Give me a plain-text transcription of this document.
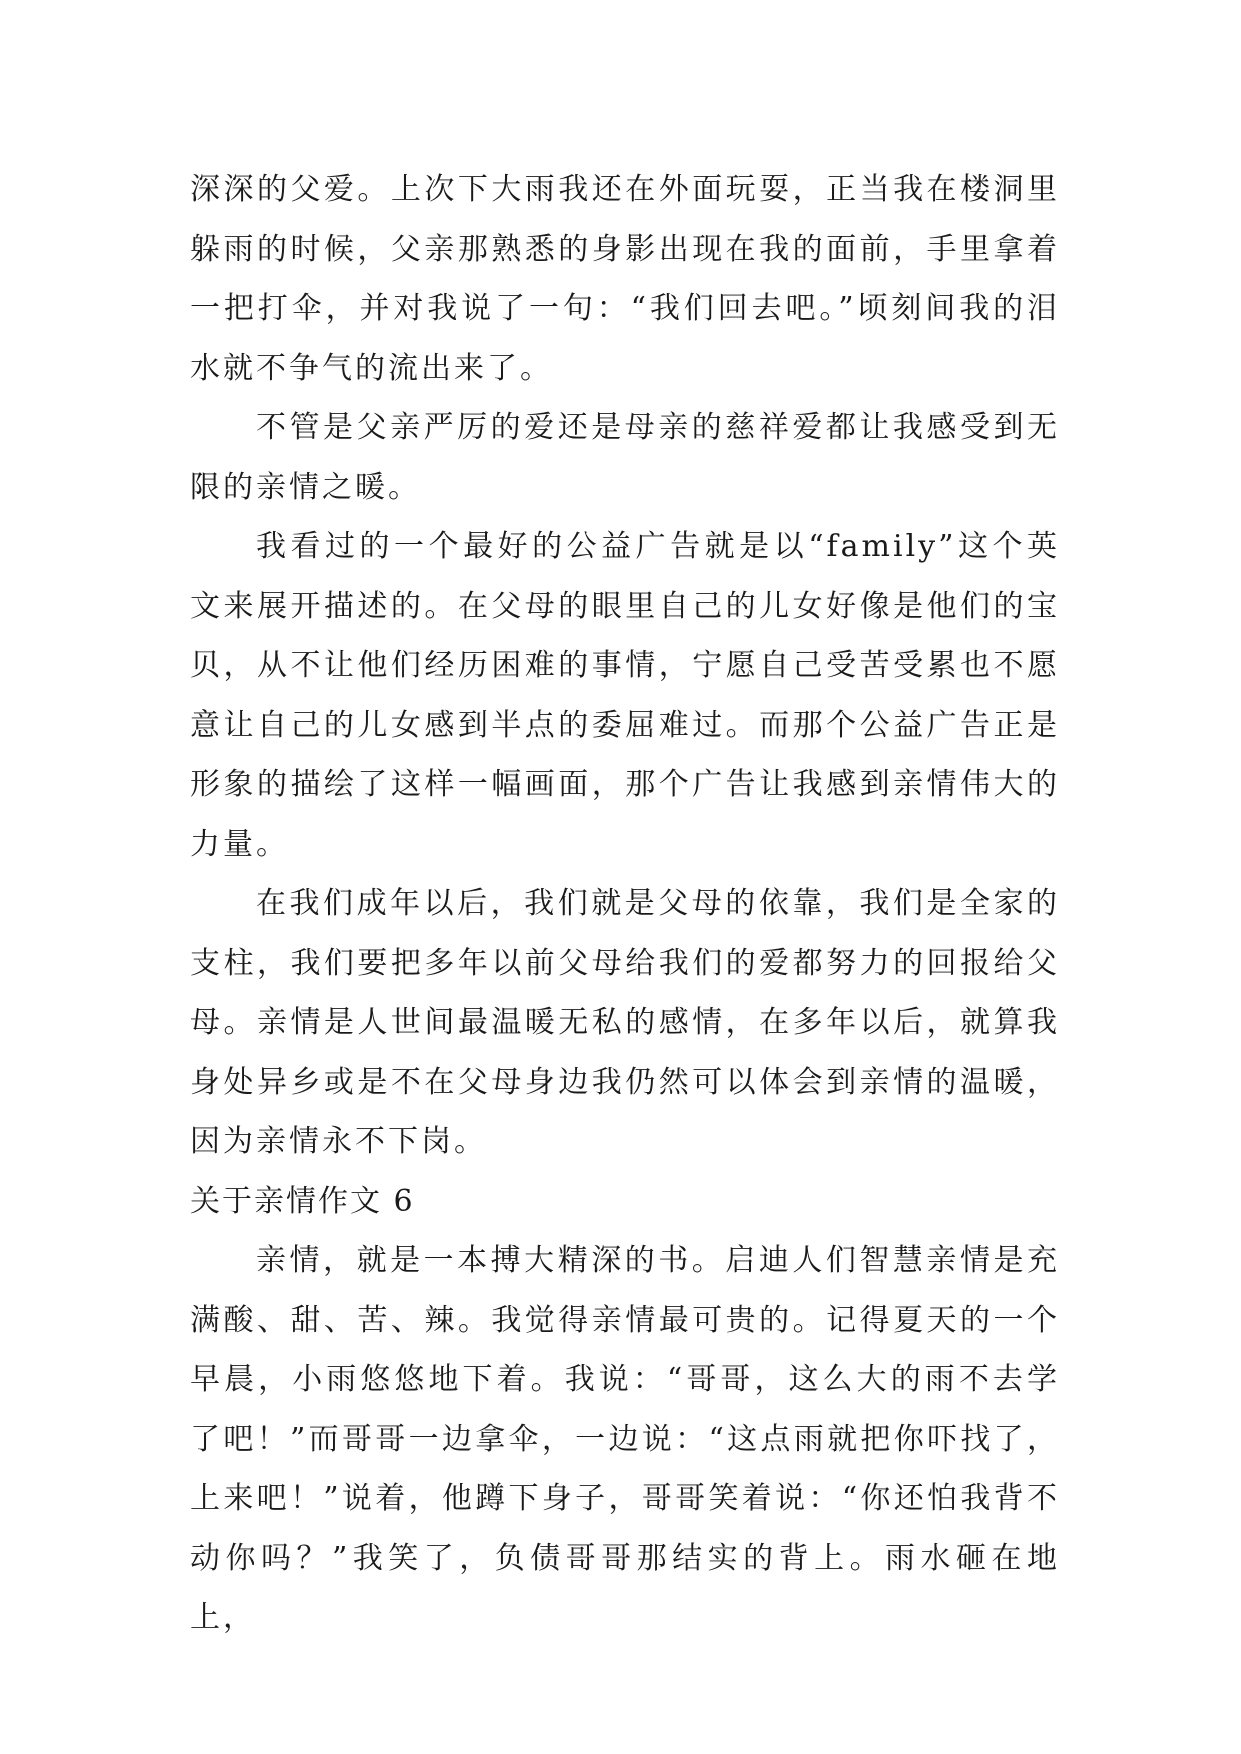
深深的父爱。上次下大雨我还在外面玩耍，正当我在楼洞里躲雨的时候，父亲那熟悉的身影出现在我的面前，手里拿着一把打伞，并对我说了一句：“我们回去吧。”顷刻间我的泪水就不争气的流出来了。

不管是父亲严厉的爱还是母亲的慈祥爱都让我感受到无限的亲情之暖。

我看过的一个最好的公益广告就是以“family”这个英文来展开描述的。在父母的眼里自己的儿女好像是他们的宝贝，从不让他们经历困难的事情，宁愿自己受苦受累也不愿意让自己的儿女感到半点的委屈难过。而那个公益广告正是形象的描绘了这样一幅画面，那个广告让我感到亲情伟大的力量。

在我们成年以后，我们就是父母的依靠，我们是全家的支柱，我们要把多年以前父母给我们的爱都努力的回报给父母。亲情是人世间最温暖无私的感情，在多年以后，就算我身处异乡或是不在父母身边我仍然可以体会到亲情的温暖，因为亲情永不下岗。

关于亲情作文 6

亲情，就是一本搏大精深的书。启迪人们智慧亲情是充满酸、甜、苦、辣。我觉得亲情最可贵的。记得夏天的一个早晨，小雨悠悠地下着。我说：“哥哥，这么大的雨不去学了吧！”而哥哥一边拿伞，一边说：“这点雨就把你吓找了，上来吧！”说着，他蹲下身子，哥哥笑着说：“你还怕我背不动你吗？”我笑了，负债哥哥那结实的背上。雨水砸在地上，
